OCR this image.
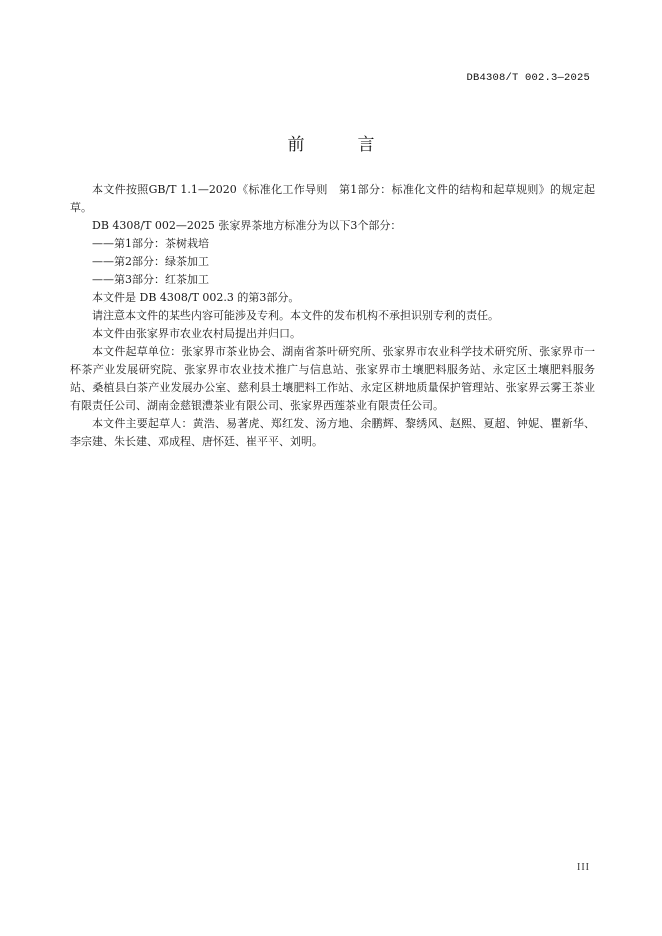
DB4308/T 002.3—2025
前　言

本文件按照GB/T 1.1—2020《标准化工作导则　第1部分：标准化文件的结构和起草规则》的规定起草。

DB 4308/T 002—2025 张家界茶地方标准分为以下3个部分：

——第1部分：茶树栽培

——第2部分：绿茶加工

——第3部分：红茶加工

本文件是 DB 4308/T 002.3 的第3部分。

请注意本文件的某些内容可能涉及专利。本文件的发布机构不承担识别专利的责任。

本文件由张家界市农业农村局提出并归口。

本文件起草单位：张家界市茶业协会、湖南省茶叶研究所、张家界市农业科学技术研究所、张家界市一杯茶产业发展研究院、张家界市农业技术推广与信息站、张家界市土壤肥料服务站、永定区土壤肥料服务站、桑植县白茶产业发展办公室、慈利县土壤肥料工作站、永定区耕地质量保护管理站、张家界云雾王茶业有限责任公司、湖南金慈银澧茶业有限公司、张家界西莲茶业有限责任公司。

本文件主要起草人：黄浩、易著虎、郑红发、汤方地、余鹏辉、黎绣风、赵熙、夏超、钟妮、瞿新华、李宗建、朱长建、邓成程、唐怀廷、崔平平、刘明。

III
